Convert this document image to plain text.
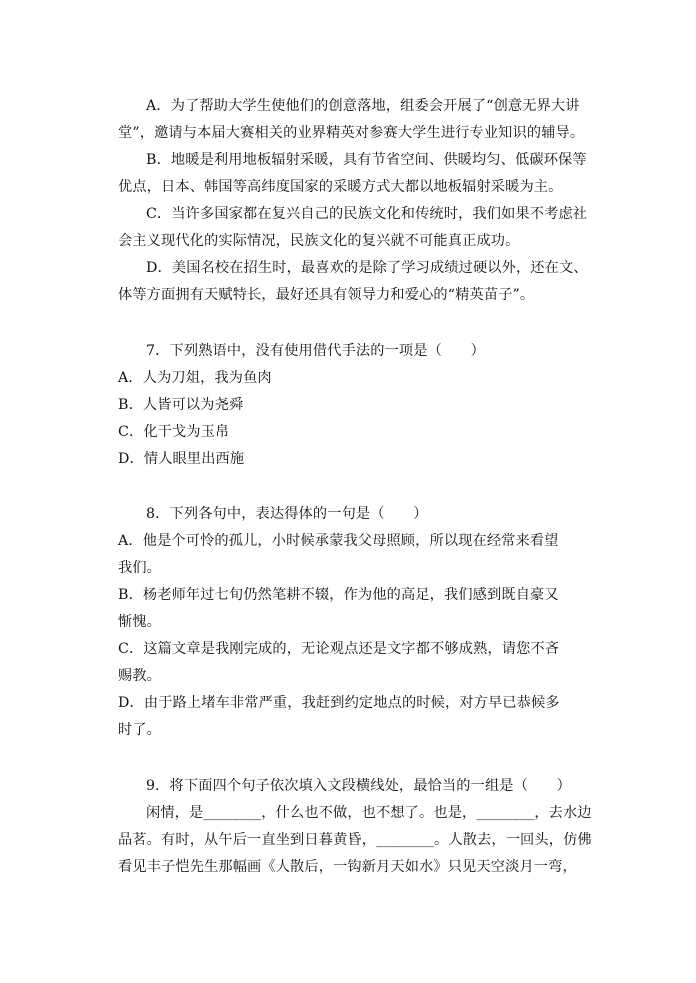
A．为了帮助大学生使他们的创意落地，组委会开展了“创意无界大讲
堂”，邀请与本届大赛相关的业界精英对参赛大学生进行专业知识的辅导。
B．地暖是利用地板辐射采暖，具有节省空间、供暖均匀、低碳环保等
优点，日本、韩国等高纬度国家的采暖方式大都以地板辐射采暖为主。
C．当许多国家都在复兴自己的民族文化和传统时，我们如果不考虑社
会主义现代化的实际情况，民族文化的复兴就不可能真正成功。
D．美国名校在招生时，最喜欢的是除了学习成绩过硬以外，还在文、
体等方面拥有天赋特长，最好还具有领导力和爱心的“精英苗子”。
7．下列熟语中，没有使用借代手法的一项是（　　）
A．人为刀俎，我为鱼肉
B．人皆可以为尧舜
C．化干戈为玉帛
D．情人眼里出西施
8．下列各句中，表达得体的一句是（　　）
A．他是个可怜的孤儿，小时候承蒙我父母照顾，所以现在经常来看望
我们。
B．杨老师年过七旬仍然笔耕不辍，作为他的高足，我们感到既自豪又
惭愧。
C．这篇文章是我刚完成的，无论观点还是文字都不够成熟，请您不吝
赐教。
D．由于路上堵车非常严重，我赶到约定地点的时候，对方早已恭候多
时了。
9．将下面四个句子依次填入文段横线处，最恰当的一组是（　　）
闲情，是________，什么也不做，也不想了。也是，________，去水边
品茗。有时，从午后一直坐到日暮黄昏，________。人散去，一回头，仿佛
看见丰子恺先生那幅画《人散后，一钩新月天如水》只见天空淡月一弯，
